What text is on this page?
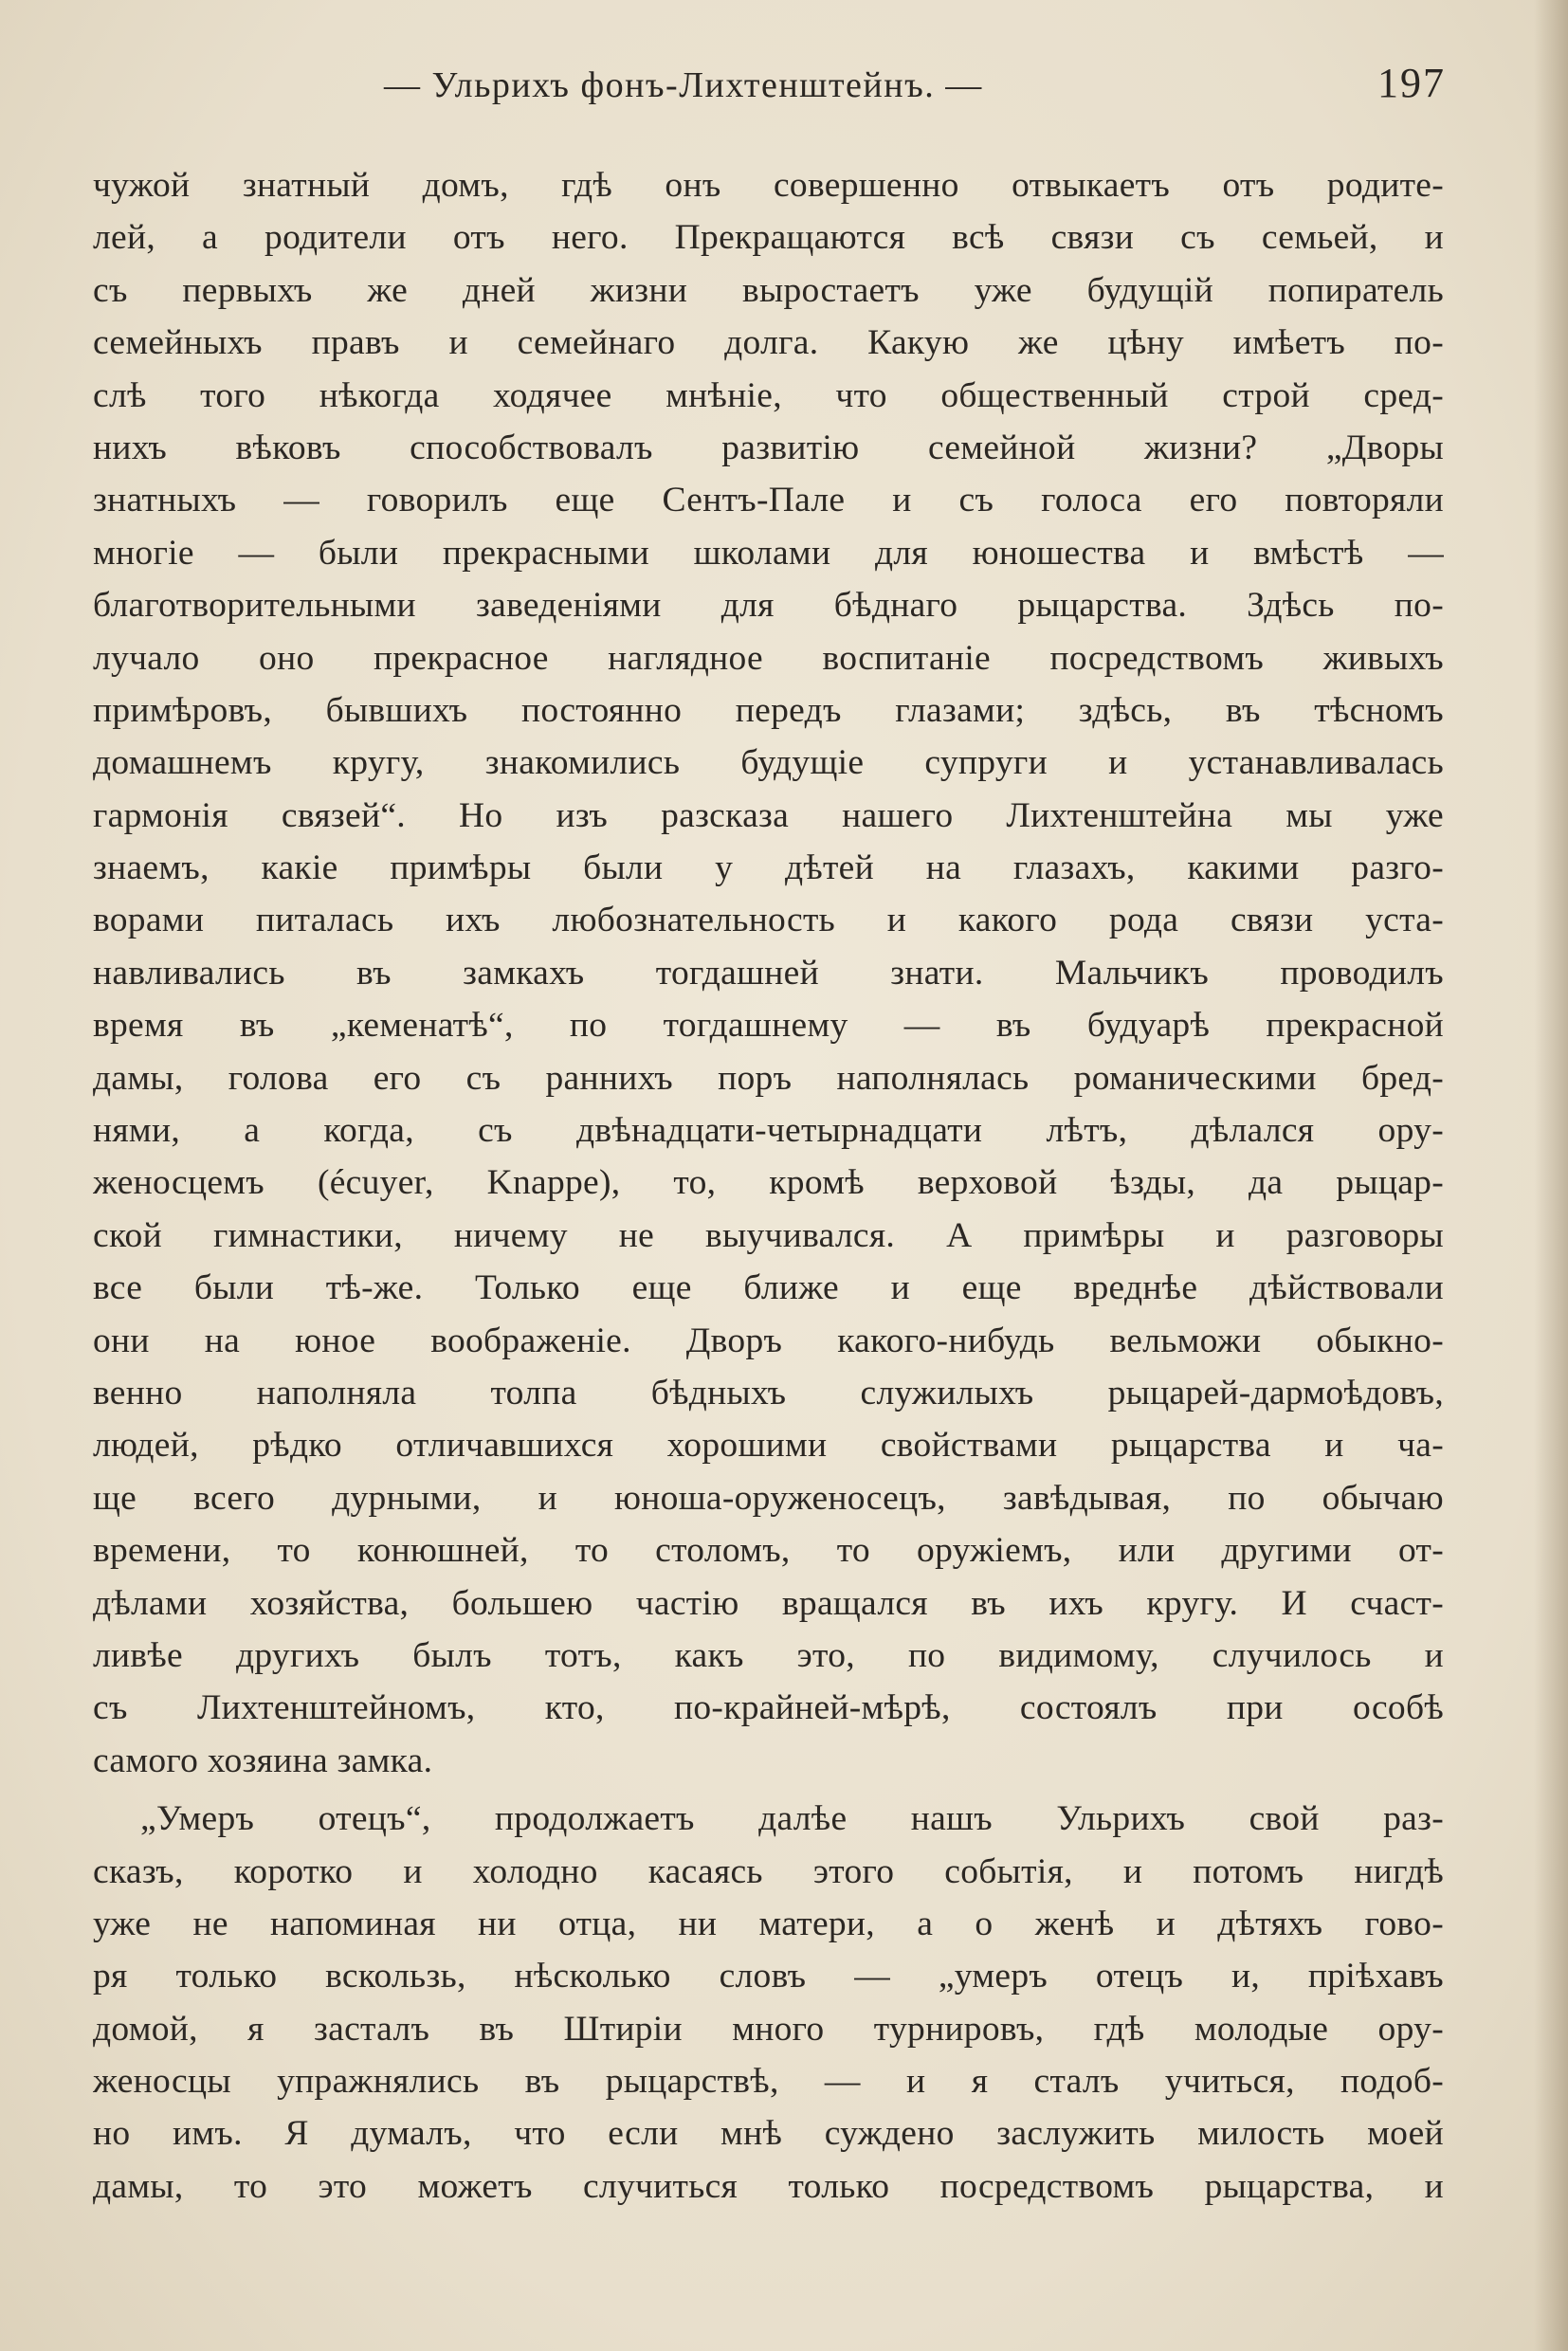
— Ульрихъ фонъ-Лихтенштейнъ. —	197
чужой знатный домъ, гдѣ онъ совершенно отвыкаетъ отъ родите-
лей, а родители отъ него. Прекращаются всѣ связи съ семьей, и
съ первыхъ же дней жизни выростаетъ уже будущій попиратель
семейныхъ правъ и семейнаго долга. Какую же цѣну имѣетъ по-
слѣ того нѣкогда ходячее мнѣніе, что общественный строй сред-
нихъ вѣковъ способствовалъ развитію семейной жизни? „Дворы
знатныхъ — говорилъ еще Сентъ-Пале и съ голоса его повторяли
многіе — были прекрасными школами для юношества и вмѣстѣ —
благотворительными заведеніями для бѣднаго рыцарства. Здѣсь по-
лучало оно прекрасное наглядное воспитаніе посредствомъ живыхъ
примѣровъ, бывшихъ постоянно передъ глазами; здѣсь, въ тѣсномъ
домашнемъ кругу, знакомились будущіе супруги и устанавливалась
гармонія связей“. Но изъ разсказа нашего Лихтенштейна мы уже
знаемъ, какіе примѣры были у дѣтей на глазахъ, какими разго-
ворами питалась ихъ любознательность и какого рода связи уста-
навливались въ замкахъ тогдашней знати. Мальчикъ проводилъ
время въ „кеменатѣ“, по тогдашнему — въ будуарѣ прекрасной
дамы, голова его съ раннихъ поръ наполнялась романическими бред-
нями, а когда, съ двѣнадцати-четырнадцати лѣтъ, дѣлался ору-
женосцемъ (écuyer, Knappe), то, кромѣ верховой ѣзды, да рыцар-
ской гимнастики, ничему не выучивался. А примѣры и разговоры
все были тѣ-же. Только еще ближе и еще вреднѣе дѣйствовали
они на юное воображеніе. Дворъ какого-нибудь вельможи обыкно-
венно наполняла толпа бѣдныхъ служилыхъ рыцарей-дармоѣдовъ,
людей, рѣдко отличавшихся хорошими свойствами рыцарства и ча-
ще всего дурными, и юноша-оруженосецъ, завѣдывая, по обычаю
времени, то конюшней, то столомъ, то оружіемъ, или другими от-
дѣлами хозяйства, большею частію вращался въ ихъ кругу. И счаст-
ливѣе другихъ былъ тотъ, какъ это, по видимому, случилось и
съ Лихтенштейномъ, кто, по-крайней-мѣрѣ, состоялъ при особѣ
самого хозяина замка.
„Умеръ отецъ“, продолжаетъ далѣе нашъ Ульрихъ свой раз-
сказъ, коротко и холодно касаясь этого событія, и потомъ нигдѣ
уже не напоминая ни отца, ни матери, а о женѣ и дѣтяхъ гово-
ря только вскользь, нѣсколько словъ — „умеръ отецъ и, пріѣхавъ
домой, я засталъ въ Штиріи много турнировъ, гдѣ молодые ору-
женосцы упражнялись въ рыцарствѣ, — и я сталъ учиться, подоб-
но имъ. Я думалъ, что если мнѣ суждено заслужить милость моей
дамы, то это можетъ случиться только посредствомъ рыцарства, и
